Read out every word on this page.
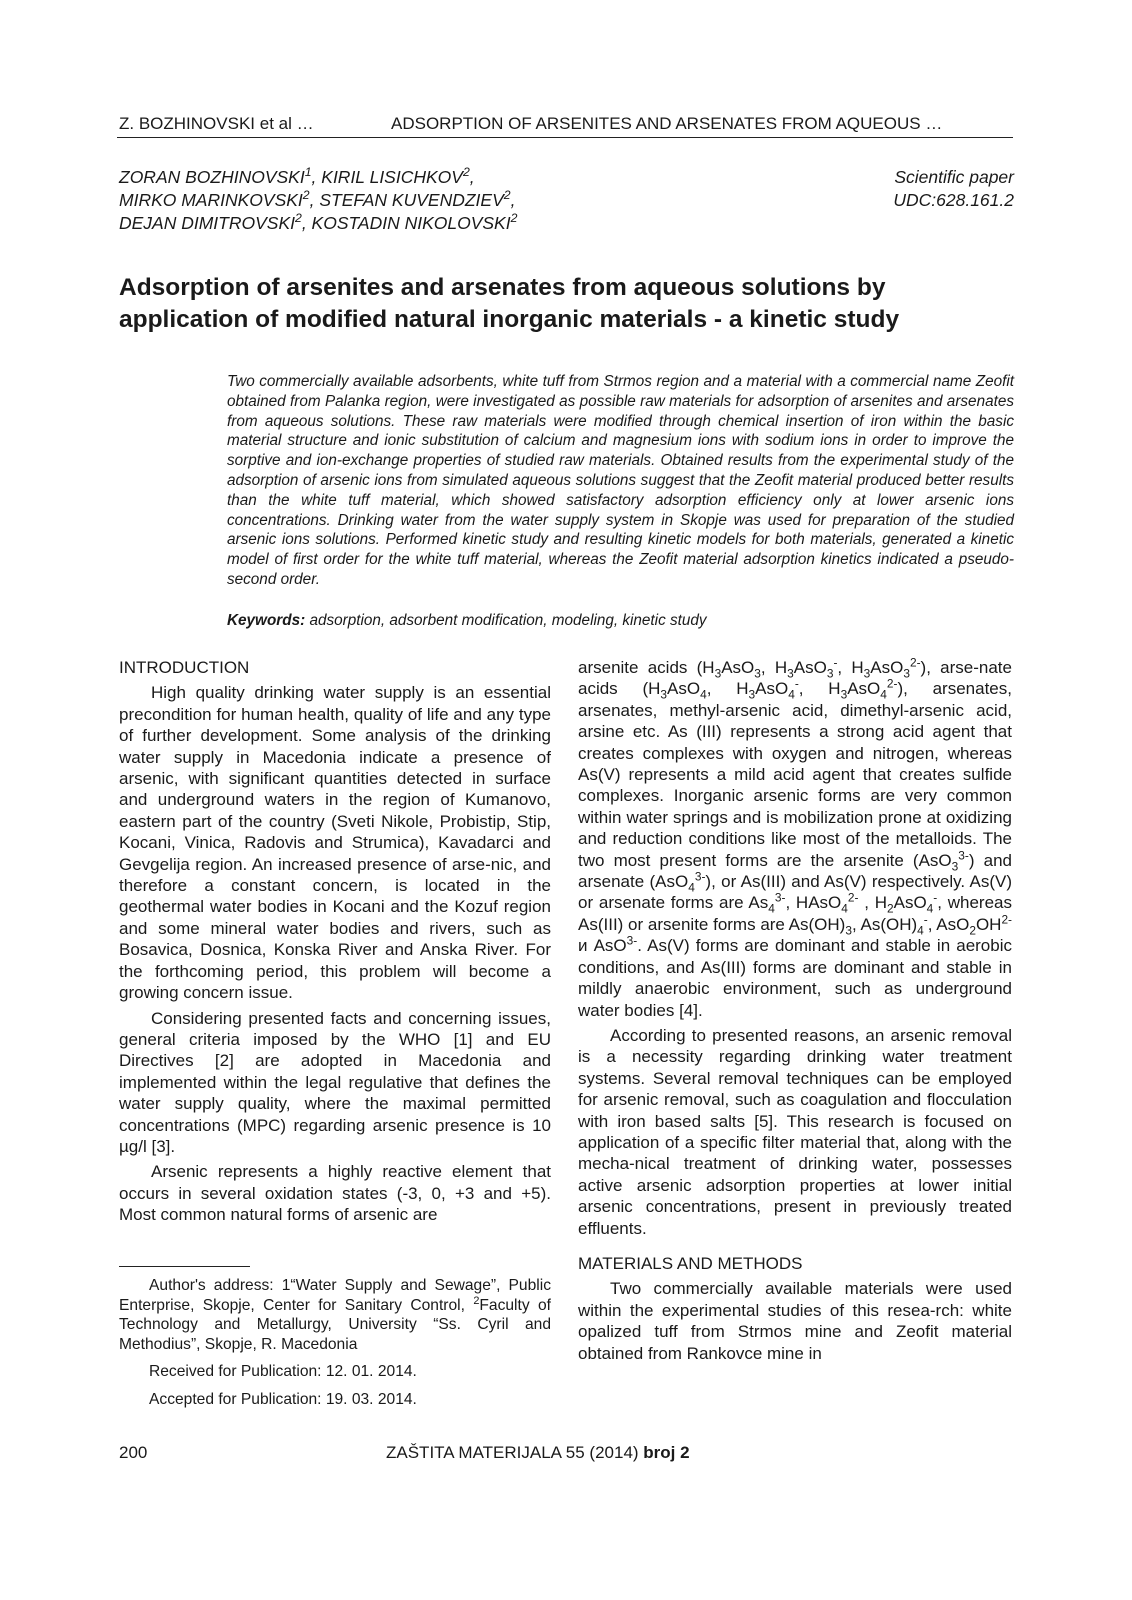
Z. BOZHINOVSKI et al …	ADSORPTION OF ARSENITES AND ARSENATES FROM AQUEOUS …
ZORAN BOZHINOVSKI$^1$, KIRIL LISICHKOV$^2$,
MIRKO MARINKOVSKI$^2$, STEFAN KUVENDZIEV$^2$,
DEJAN DIMITROVSKI$^2$, KOSTADIN NIKOLOVSKI$^2$
Scientific paper
UDC:628.161.2
Adsorption of arsenites and arsenates from aqueous solutions by application of modified natural inorganic materials - a kinetic study
Two commercially available adsorbents, white tuff from Strmos region and a material with a commercial name Zeofit obtained from Palanka region, were investigated as possible raw materials for adsorption of arsenites and arsenates from aqueous solutions. These raw materials were modified through chemical insertion of iron within the basic material structure and ionic substitution of calcium and magnesium ions with sodium ions in order to improve the sorptive and ion-exchange properties of studied raw materials. Obtained results from the experimental study of the adsorption of arsenic ions from simulated aqueous solutions suggest that the Zeofit material produced better results than the white tuff material, which showed satisfactory adsorption efficiency only at lower arsenic ions concentrations. Drinking water from the water supply system in Skopje was used for preparation of the studied arsenic ions solutions. Performed kinetic study and resulting kinetic models for both materials, generated a kinetic model of first order for the white tuff material, whereas the Zeofit material adsorption kinetics indicated a pseudo-second order.
Keywords: adsorption, adsorbent modification, modeling, kinetic study
INTRODUCTION

High quality drinking water supply is an essential precondition for human health, quality of life and any type of further development. Some analysis of the drinking water supply in Macedonia indicate a presence of arsenic, with significant quantities detected in surface and underground waters in the region of Kumanovo, eastern part of the country (Sveti Nikole, Probistip, Stip, Kocani, Vinica, Radovis and Strumica), Kavadarci and Gevgelija region. An increased presence of arse-nic, and therefore a constant concern, is located in the geothermal water bodies in Kocani and the Kozuf region and some mineral water bodies and rivers, such as Bosavica, Dosnica, Konska River and Anska River. For the forthcoming period, this problem will become a growing concern issue.

Considering presented facts and concerning issues, general criteria imposed by the WHO [1] and EU Directives [2] are adopted in Macedonia and implemented within the legal regulative that defines the water supply quality, where the maximal permitted concentrations (MPC) regarding arsenic presence is 10 µg/l [3].

Arsenic represents a highly reactive element that occurs in several oxidation states (-3, 0, +3 and +5). Most common natural forms of arsenic are

Author's address: 1“Water Supply and Sewage”, Public Enterprise, Skopje, Center for Sanitary Control, $^2$Faculty of Technology and Metallurgy, University “Ss. Cyril and Methodius”, Skopje, R. Macedonia

Received for Publication: 12. 01. 2014.

Accepted for Publication: 19. 03. 2014.

arsenite acids ($H_3AsO_3$, $H_3AsO_3^-$, $H_3AsO_3^{2-}$), arse-nate acids ($H_3AsO_4$, $H_3AsO_4^-$, $H_3AsO_4^{2-}$), arsenates, arsenates, methyl-arsenic acid, dimethyl-arsenic acid, arsine etc. As (III) represents a strong acid agent that creates complexes with oxygen and nitrogen, whereas As(V) represents a mild acid agent that creates sulfide complexes. Inorganic arsenic forms are very common within water springs and is mobilization prone at oxidizing and reduction conditions like most of the metalloids. The two most present forms are the arsenite (AsO$_3^{3-}$) and arsenate (AsO$_4^{3-}$), or As(III) and As(V) respectively. As(V) or arsenate forms are $As_4^{3-}$, HAsO$_4^{2-}$ , $H_2AsO_4^-$, whereas As(III) or arsenite forms are $As(OH)_3$, $As(OH)_4^-$, $AsO_2OH^{2-}$ и AsO$^{3-}$. As(V) forms are dominant and stable in aerobic conditions, and As(III) forms are dominant and stable in mildly anaerobic environment, such as underground water bodies [4].

According to presented reasons, an arsenic removal is a necessity regarding drinking water treatment systems. Several removal techniques can be employed for arsenic removal, such as coagulation and flocculation with iron based salts [5]. This research is focused on application of a specific filter material that, along with the mecha-nical treatment of drinking water, possesses active arsenic adsorption properties at lower initial arsenic concentrations, present in previously treated effluents.

MATERIALS AND METHODS

Two commercially available materials were used within the experimental studies of this resea-rch: white opalized tuff from Strmos mine and Zeofit material obtained from Rankovce mine in

200	ZAŠTITA MATERIJALA 55 (2014) broj 2
